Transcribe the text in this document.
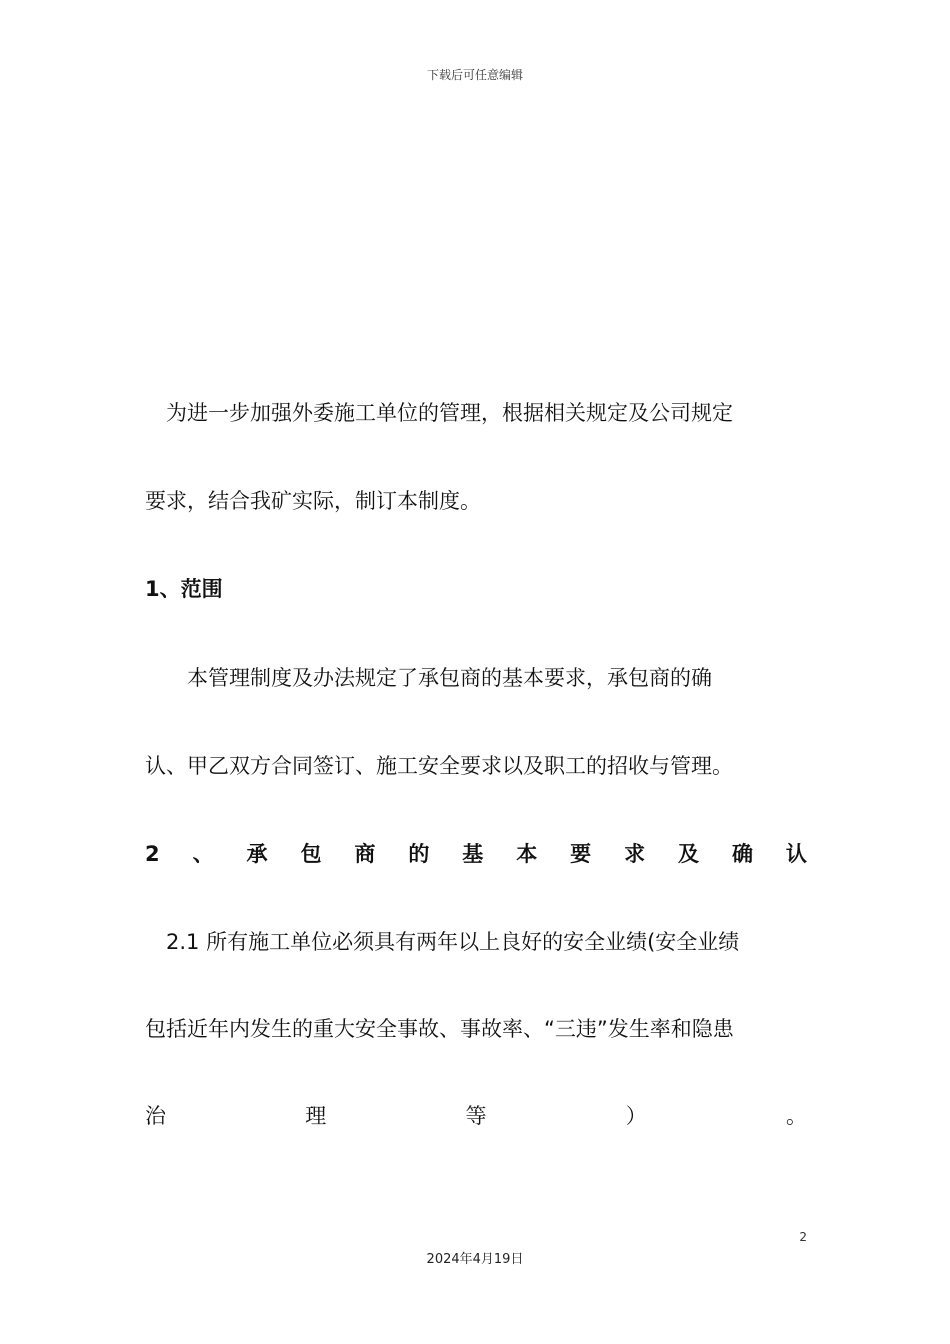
下载后可任意编辑
为进一步加强外委施工单位的管理，根据相关规定及公司规定
要求，结合我矿实际，制订本制度。
1、范围
本管理制度及办法规定了承包商的基本要求，承包商的确
认、甲乙双方合同签订、施工安全要求以及职工的招收与管理。
2 、 承 包 商 的 基 本 要 求 及 确 认
2.1 所有施工单位必须具有两年以上良好的安全业绩(安全业绩
包括近年内发生的重大安全事故、事故率、“三违”发生率和隐患
治	理	等	）	。
2
2024年4月19日
